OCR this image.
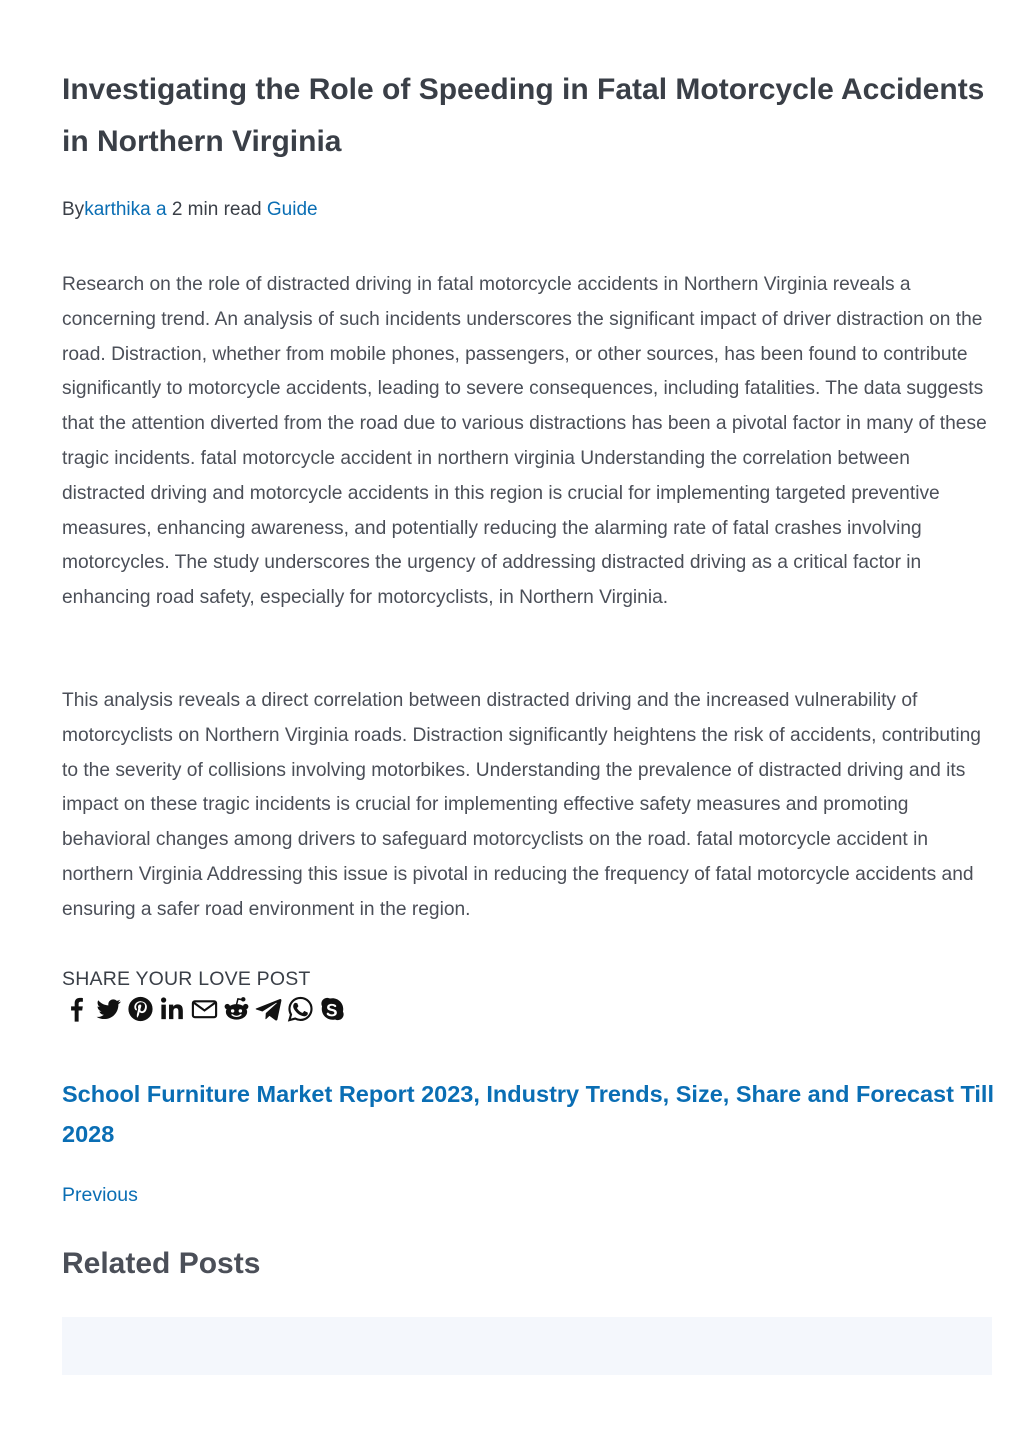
Investigating the Role of Speeding in Fatal Motorcycle Accidents in Northern Virginia
Bykarthika a 2 min read Guide

Research on the role of distracted driving in fatal motorcycle accidents in Northern Virginia reveals a concerning trend. An analysis of such incidents underscores the significant impact of driver distraction on the road. Distraction, whether from mobile phones, passengers, or other sources, has been found to contribute significantly to motorcycle accidents, leading to severe consequences, including fatalities. The data suggests that the attention diverted from the road due to various distractions has been a pivotal factor in many of these tragic incidents. fatal motorcycle accident in northern virginia Understanding the correlation between distracted driving and motorcycle accidents in this region is crucial for implementing targeted preventive measures, enhancing awareness, and potentially reducing the alarming rate of fatal crashes involving motorcycles. The study underscores the urgency of addressing distracted driving as a critical factor in enhancing road safety, especially for motorcyclists, in Northern Virginia.

This analysis reveals a direct correlation between distracted driving and the increased vulnerability of motorcyclists on Northern Virginia roads. Distraction significantly heightens the risk of accidents, contributing to the severity of collisions involving motorbikes. Understanding the prevalence of distracted driving and its impact on these tragic incidents is crucial for implementing effective safety measures and promoting behavioral changes among drivers to safeguard motorcyclists on the road. fatal motorcycle accident in northern Virginia Addressing this issue is pivotal in reducing the frequency of fatal motorcycle accidents and ensuring a safer road environment in the region.

SHARE YOUR LOVE POST
School Furniture Market Report 2023, Industry Trends, Size, Share and Forecast Till 2028
Previous
Related Posts
